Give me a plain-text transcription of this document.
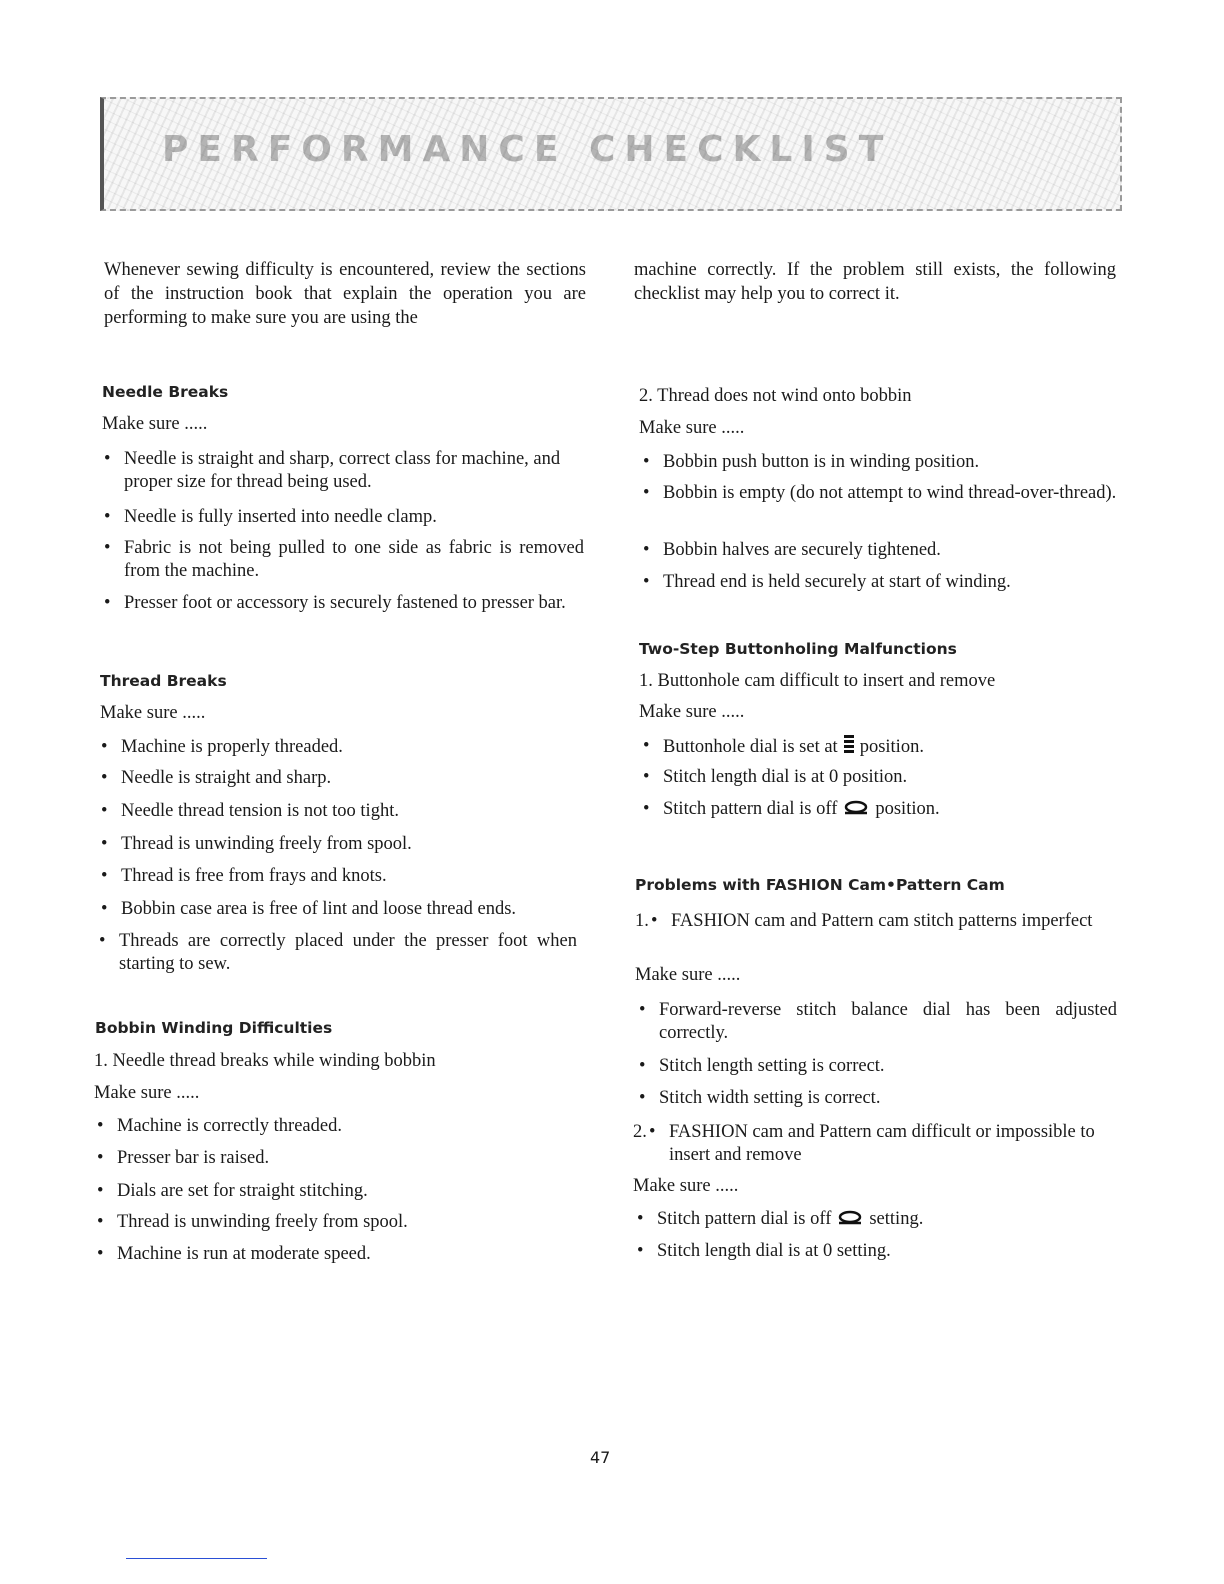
PERFORMANCE CHECKLIST
Whenever sewing difficulty is encountered, review the sections of the instruction book that explain the operation you are performing to make sure you are using the
machine correctly. If the problem still exists, the following checklist may help you to correct it.
Needle Breaks
Make sure .....
• Needle is straight and sharp, correct class for machine, and proper size for thread being used.
• Needle is fully inserted into needle clamp.
• Fabric is not being pulled to one side as fabric is removed from the machine.
• Presser foot or accessory is securely fastened to presser bar.
Thread Breaks
Make sure .....
• Machine is properly threaded.
• Needle is straight and sharp.
• Needle thread tension is not too tight.
• Thread is unwinding freely from spool.
• Thread is free from frays and knots.
• Bobbin case area is free of lint and loose thread ends.
• Threads are correctly placed under the presser foot when starting to sew.
Bobbin Winding Difficulties
1. Needle thread breaks while winding bobbin
Make sure .....
• Machine is correctly threaded.
• Presser bar is raised.
• Dials are set for straight stitching.
• Thread is unwinding freely from spool.
• Machine is run at moderate speed.
2. Thread does not wind onto bobbin
Make sure .....
• Bobbin push button is in winding position.
• Bobbin is empty (do not attempt to wind thread-over-thread).
• Bobbin halves are securely tightened.
• Thread end is held securely at start of winding.
Two-Step Buttonholing Malfunctions
1. Buttonhole cam difficult to insert and remove
Make sure .....
• Buttonhole dial is set at position.
• Stitch length dial is at 0 position.
• Stitch pattern dial is off position.
Problems with FASHION Cam•Pattern Cam
• 1. FASHION cam and Pattern cam stitch patterns imperfect
Make sure .....
• Forward-reverse stitch balance dial has been adjusted correctly.
• Stitch length setting is correct.
• Stitch width setting is correct.
• 2. FASHION cam and Pattern cam difficult or impossible to insert and remove
Make sure .....
• Stitch pattern dial is off setting.
• Stitch length dial is at 0 setting.
47
